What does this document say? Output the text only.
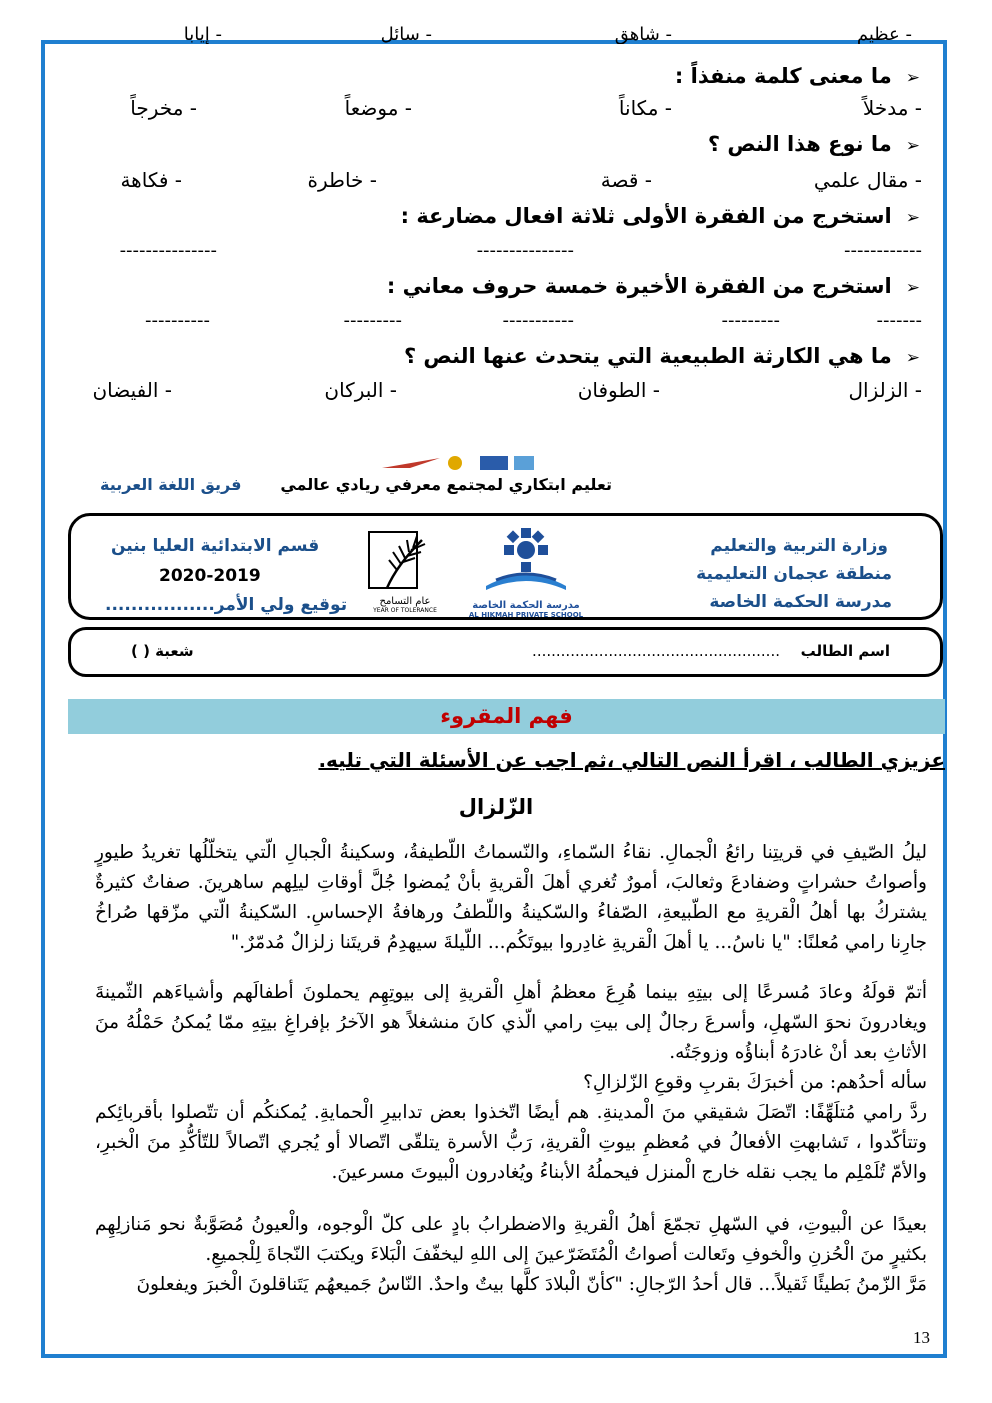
- عظيم
- شاهق
- سائل
- إيابا
➢ما معنى كلمة منفذاً :
- مدخلاً
- مكاناً
- موضعاً
- مخرجاً
➢ما نوع هذا النص ؟
- مقال علمي
- قصة
- خاطرة
- فكاهة
➢استخرج من الفقرة الأولى ثلاثة افعال مضارعة :
------------
---------------
---------------
➢استخرج من الفقرة الأخيرة خمسة حروف معاني :
-------
---------
-----------
---------
----------
➢ما هي الكارثة الطبيعية التي يتحدث عنها النص ؟
- الزلزال
- الطوفان
- البركان
- الفيضان
تعليم ابتكاري لمجتمع معرفي ريادي عالمي
فريق اللغة العربية
وزارة التربية والتعليم
منطقة عجمان التعليمية
مدرسة الحكمة الخاصة
قسم الابتدائية العليا بنين
2020-2019
توقيع ولي الأمر.................	مدرسة الحكمة الخاصة
AL HIKMAH PRIVATE SCHOOL
عام التسامح
YEAR OF TOLERANCE
اسم الطالب
....................................................
شعبة ( )
فهم المقروء
عزيزي الطالب ، اقرأ النص التالي ،ثم اجب عن الأسئلة التي تليه.
الزّلزال

ليلُ الصّيفِ في قريتِنا رائعُ الْجمالِ. نقاءُ السّماءِ، والنّسماتُ اللّطيفةُ، وسكينةُ الْجبالِ الّتي يتخلّلُها تغريدُ طيورٍ وأصواتُ حشراتٍ وضفادعَ وثعالبَ، أمورٌ تُغري أهلَ الْقريةِ بأنْ يُمضوا جُلَّ أوقاتِ ليلِهم ساهرينَ. صفاتٌ كثيرةٌ يشتركُ بها أهلُ الْقريةِ مع الطّبيعةِ، الصّفاءُ والسّكينةُ واللّطفُ ورهافةُ الإحساسِ. السّكينةُ الّتي مزّقها صُراخُ جارِنا رامي مُعلنًا: "يا ناسُ... يا أهلَ الْقريةِ غادِروا بيوتَكُم... اللّيلةَ سيهدِمُ قريتَنا زلزالٌ مُدمّرٌ."

أتمّ قولَهُ وعادَ مُسرعًا إلى بيتِهِ بينما هُرِعَ معظمُ أهلِ الْقريةِ إلى بيوتِهِم يحملونَ أطفالَهم وأشياءَهم الثّمينةَ ويغادرونَ نحوَ السّهلِ، وأسرعَ رجالٌ إلى بيتِ رامي الّذي كانَ منشغلاً هو الآخرُ بإفراغِ بيتِهِ ممّا يُمكنُ حَمْلُهُ منَ الأثاثِ بعد أنْ غادرَهُ أبناؤُه وزوجَتُه.

سأله أحدُهم: من أخبرَكَ بقربِ وقوعِ الزّلزالِ؟

ردَّ رامي مُتلَهِّفًا: اتّصَلَ شقيقي منَ الْمدينةِ. هم أيضًا اتّخذوا بعض تدابيرِ الْحمايةِ. يُمكنكُم أن تتّصلوا بأقربائِكم وتتأكّدوا ، تَشابهتِ الأفعالُ في مُعظمِ بيوتِ الْقريةِ، رَبُّ الأسرة يتلقّى اتّصالا أو يُجري اتّصالاً للتّأكُّدِ منَ الْخبرِ، والأمّ تُلَمْلِم ما يجب نقله خارج الْمنزل فيحملُهُ الأبناءُ ويُغادرون الْبيوتَ مسرعينَ.

بعيدًا عن الْبيوتِ، في السّهلِ تجمّعَ أهلُ الْقريةِ والاضطرابُ بادٍ على كلّ الْوجوه، والْعيونُ مُصَوَّبةٌ نحو مَنازلِهِم بكثيرٍ منَ الْحُزنِ والْخوفِ وتَعالت أصواتُ الْمُتَضَرّعينَ إلى اللهِ ليخفّفَ الْبَلاءَ ويكتبَ النّجاةَ لِلْجميعِ.

مَرَّ الزّمنُ بَطيئًا ثَقيلاً... قال أحدُ الرّجالِ: "كأنّ الْبلادَ كلَّها بيتٌ واحدٌ. النّاسُ جَميعهُم يَتَناقلونَ الْخبرَ ويفعلونَ

13
